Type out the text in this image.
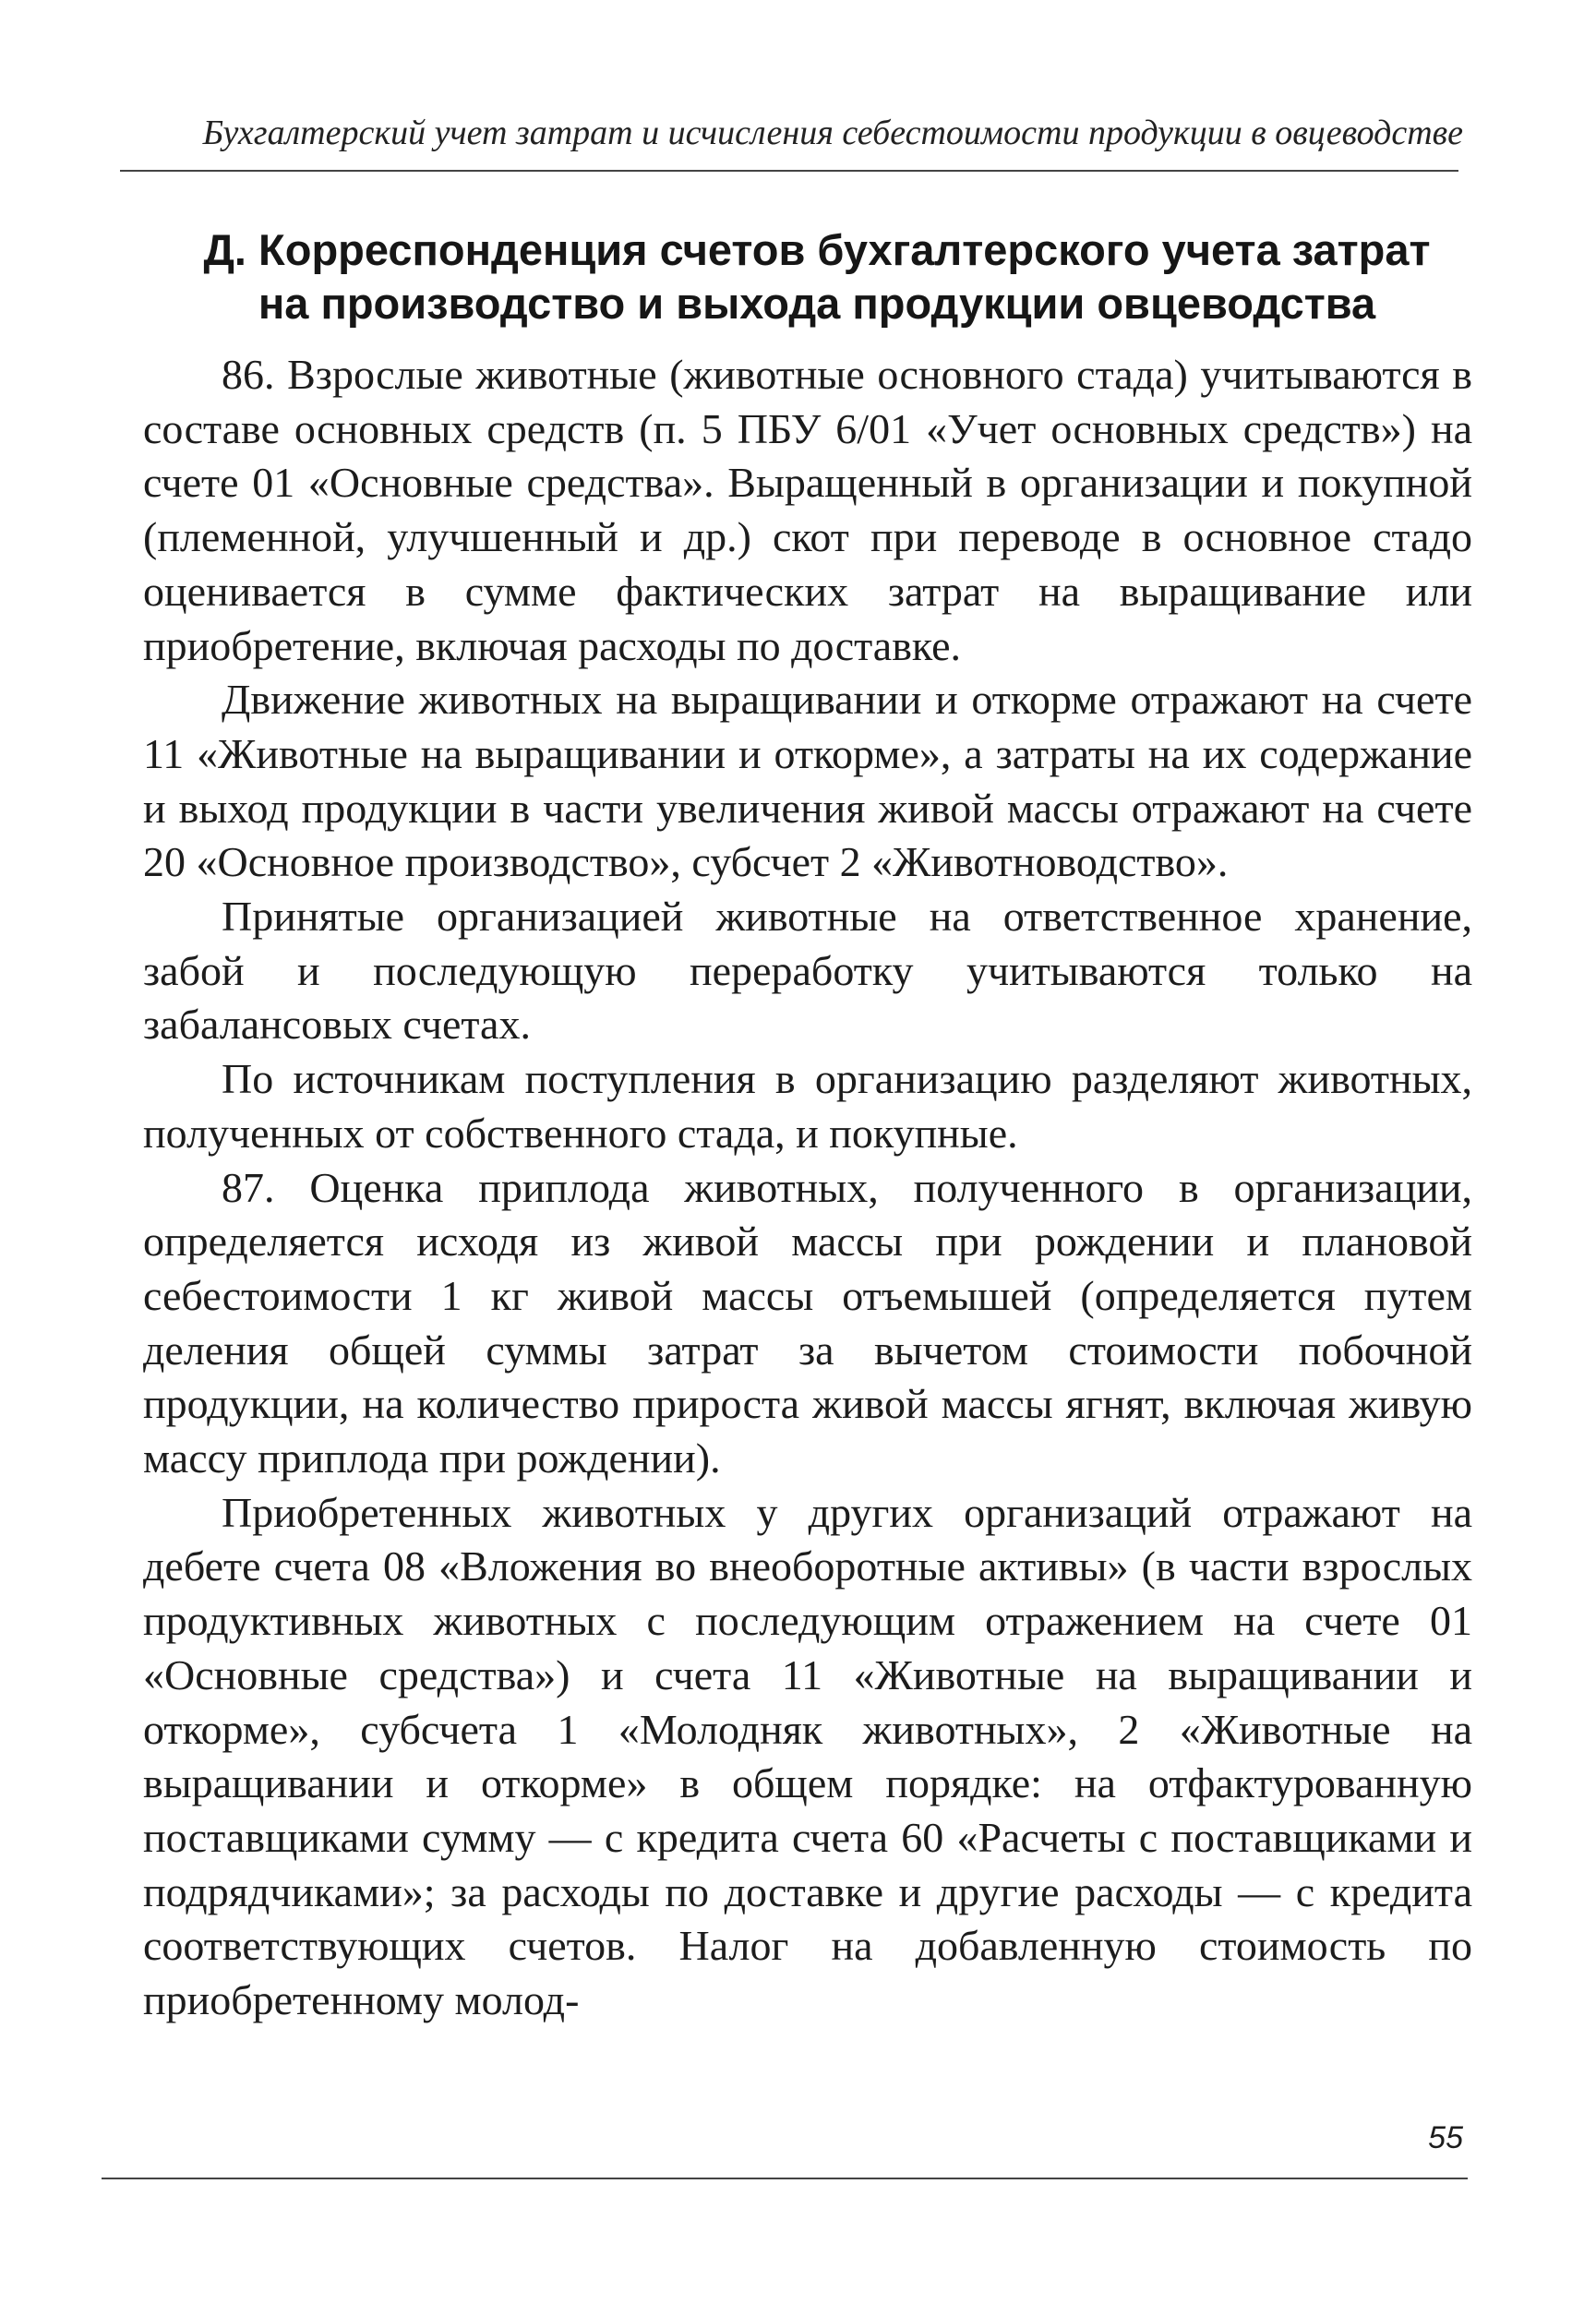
Бухгалтерский учет затрат и исчисления себестоимости продукции в овцеводстве
Д. Корреспонденция счетов бухгалтерского учета затрат
на производство и выхода продукции овцеводства

86. Взрослые животные (животные основного стада) учитываются в составе основных средств (п. 5 ПБУ 6/01 «Учет основных средств») на счете 01 «Основные средства». Выращенный в организации и покупной (племенной, улучшенный и др.) скот при переводе в основное стадо оценивается в сумме фактических затрат на выращивание или приобретение, включая расходы по доставке.

Движение животных на выращивании и откорме отражают на счете 11 «Животные на выращивании и откорме», а затраты на их содержание и выход продукции в части увеличения живой массы отражают на счете 20 «Основное производство», субсчет 2 «Животноводство».

Принятые организацией животные на ответственное хранение, забой и последующую переработку учитываются только на забалансовых счетах.

По источникам поступления в организацию разделяют животных, полученных от собственного стада, и покупные.

87. Оценка приплода животных, полученного в организации, определяется исходя из живой массы при рождении и плановой себестоимости 1 кг живой массы отъемышей (определяется путем деления общей суммы затрат за вычетом стоимости побочной продукции, на количество прироста живой массы ягнят, включая живую массу приплода при рождении).

Приобретенных животных у других организаций отражают на дебете счета 08 «Вложения во внеоборотные активы» (в части взрослых продуктивных животных с последующим отражением на счете 01 «Основные средства») и счета 11 «Животные на выращивании и откорме», субсчета 1 «Молодняк животных», 2 «Животные на выращивании и откорме» в общем порядке: на отфактурованную поставщиками сумму — с кредита счета 60 «Расчеты с поставщиками и подрядчиками»; за расходы по доставке и другие расходы — с кредита соответствующих счетов. Налог на добавленную стоимость по приобретенному молод-

55
